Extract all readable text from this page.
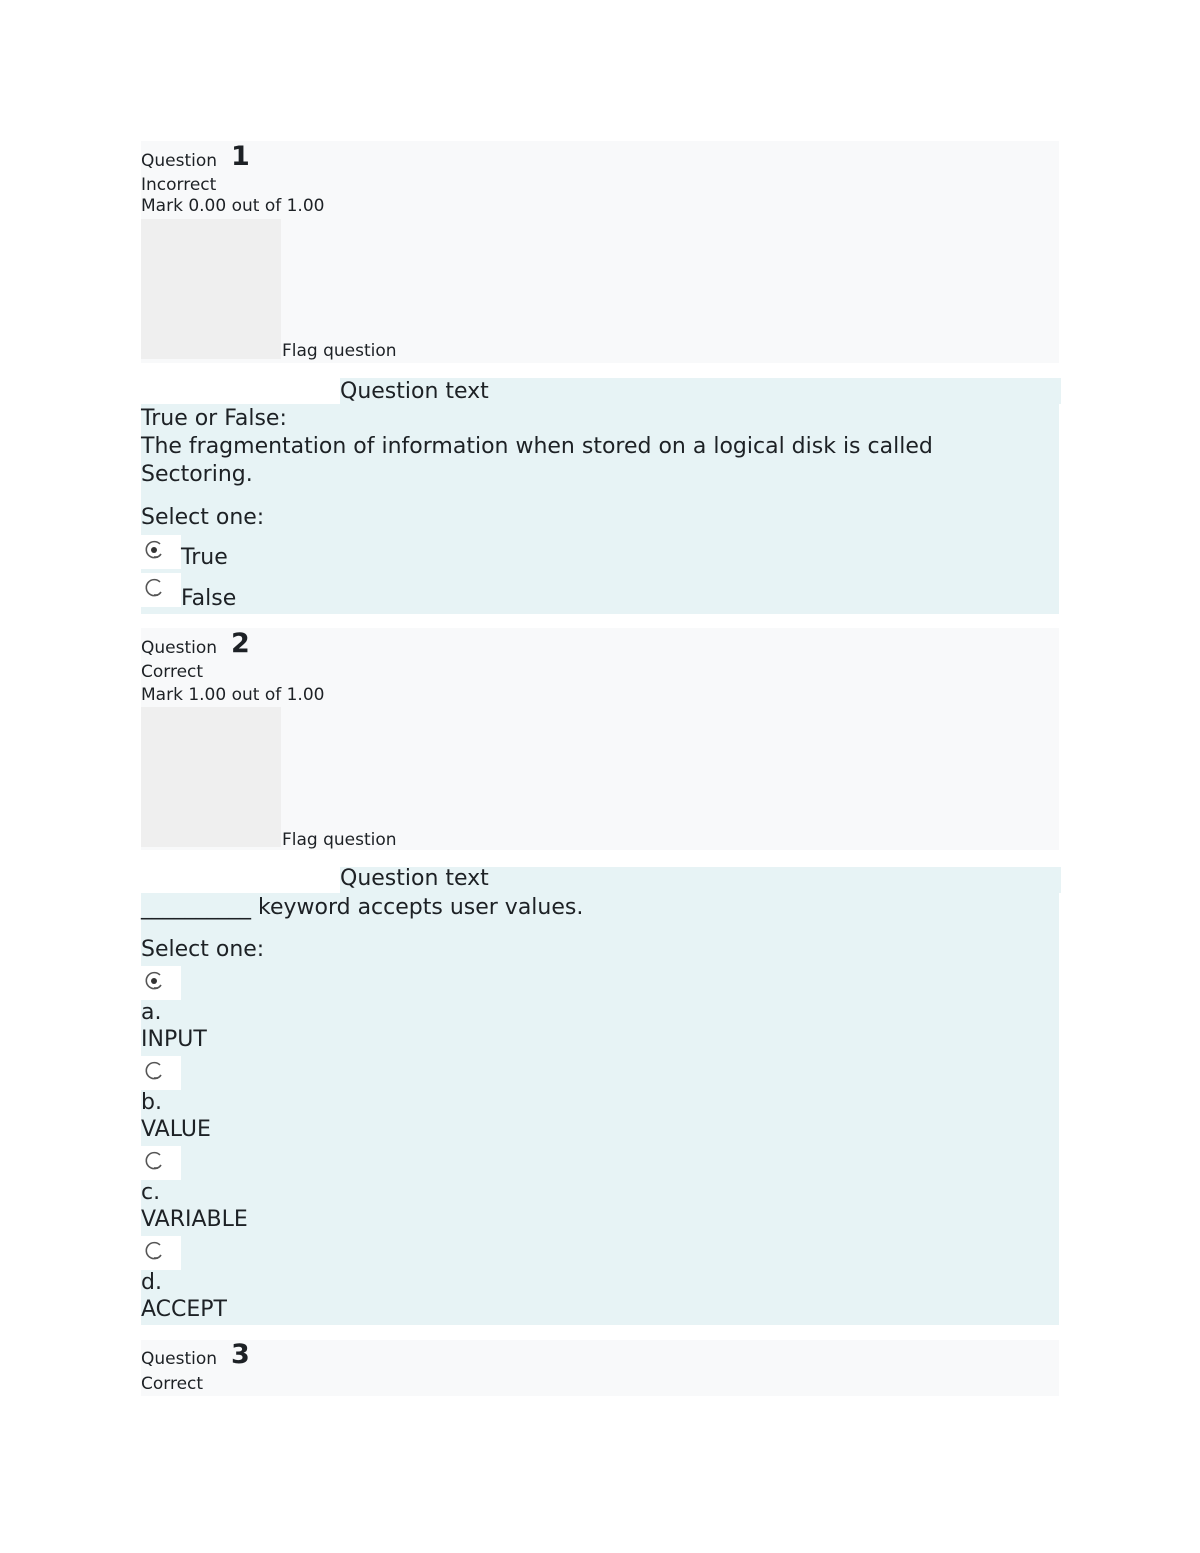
Question 1
Incorrect
Mark 0.00 out of 1.00
Flag question
Question text
True or False:
The fragmentation of information when stored on a logical disk is called
Sectoring.
Select one:
True
False
Question 2
Correct
Mark 1.00 out of 1.00
Flag question
Question text
__________ keyword accepts user values.
Select one:
a.
INPUT
b.
VALUE
c.
VARIABLE
d.
ACCEPT
Question 3
Correct
